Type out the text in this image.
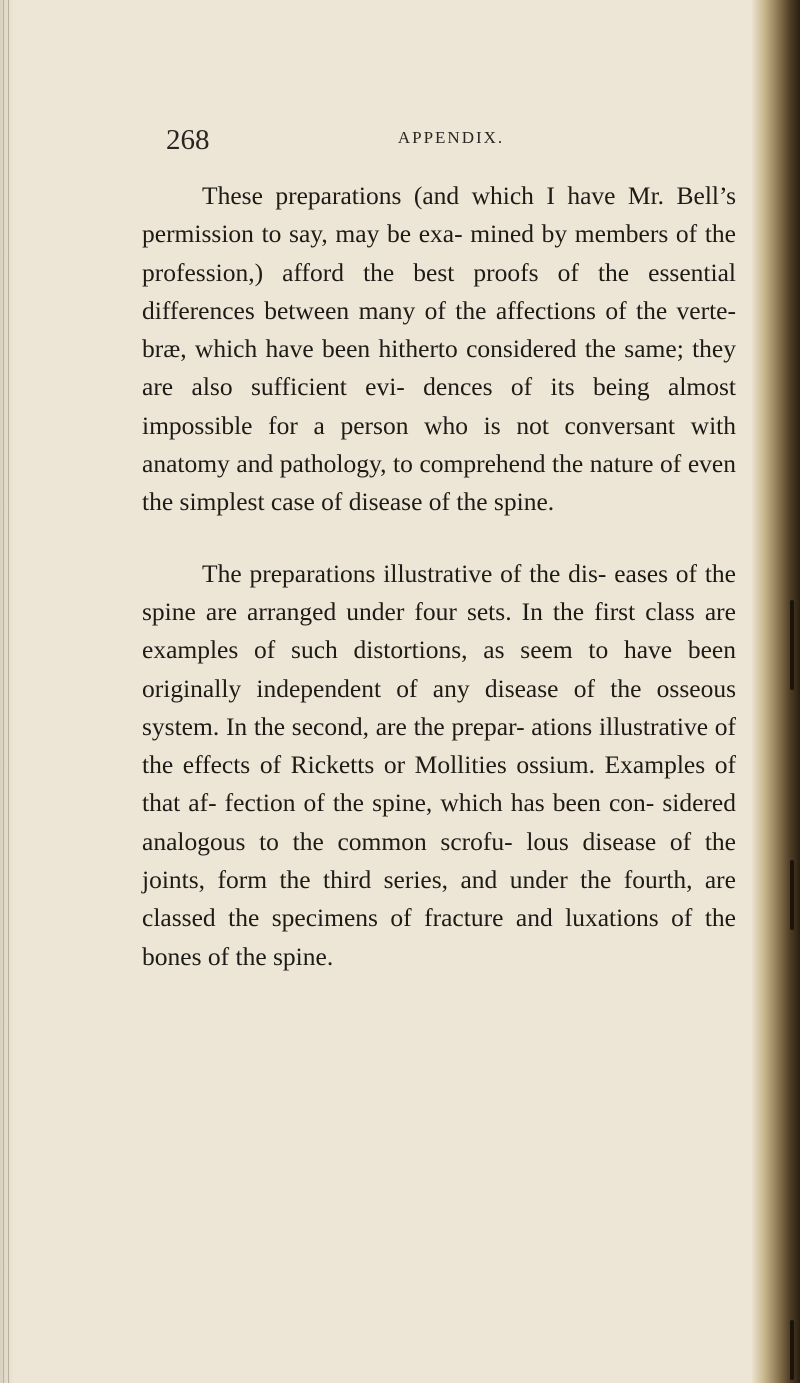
268	APPENDIX.

These preparations (and which I have Mr. Bell’s permission to say, may be exa- mined by members of the profession,) afford the best proofs of the essential differences between many of the affections of the verte- bræ, which have been hitherto considered the same; they are also sufficient evi- dences of its being almost impossible for a person who is not conversant with anatomy and pathology, to comprehend the nature of even the simplest case of disease of the spine.

The preparations illustrative of the dis- eases of the spine are arranged under four sets. In the first class are examples of such distortions, as seem to have been originally independent of any disease of the osseous system. In the second, are the prepar- ations illustrative of the effects of Ricketts or Mollities ossium. Examples of that af- fection of the spine, which has been con- sidered analogous to the common scrofu- lous disease of the joints, form the third series, and under the fourth, are classed the specimens of fracture and luxations of the bones of the spine.
